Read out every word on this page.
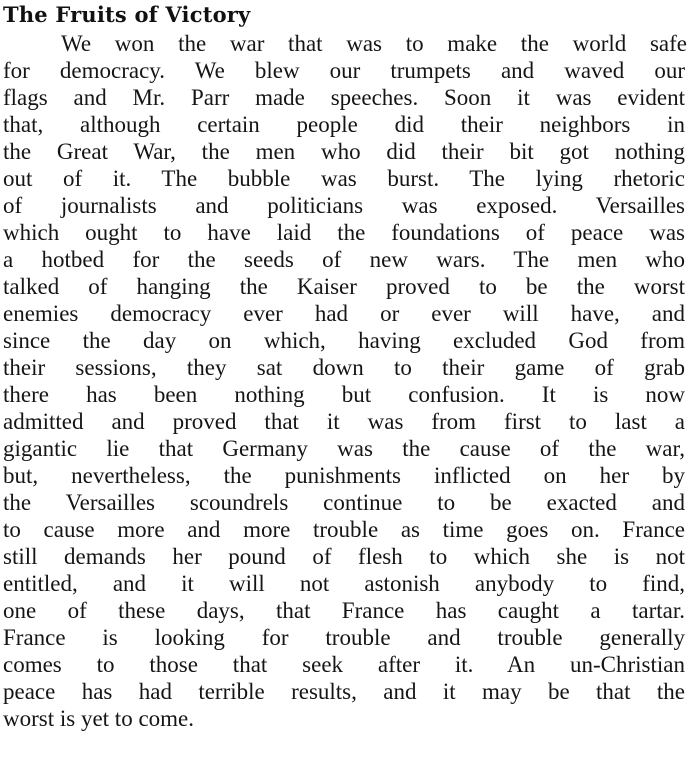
The Fruits of Victory
We won the war that was to make the world safe
for democracy. We blew our trumpets and waved our
flags and Mr. Parr made speeches. Soon it was evident
that, although certain people did their neighbors in
the Great War, the men who did their bit got nothing
out of it. The bubble was burst. The lying rhetoric
of journalists and politicians was exposed. Versailles
which ought to have laid the foundations of peace was
a hotbed for the seeds of new wars. The men who
talked of hanging the Kaiser proved to be the worst
enemies democracy ever had or ever will have, and
since the day on which, having excluded God from
their sessions, they sat down to their game of grab
there has been nothing but confusion. It is now
admitted and proved that it was from first to last a
gigantic lie that Germany was the cause of the war,
but, nevertheless, the punishments inflicted on her by
the Versailles scoundrels continue to be exacted and
to cause more and more trouble as time goes on. France
still demands her pound of flesh to which she is not
entitled, and it will not astonish anybody to find,
one of these days, that France has caught a tartar.
France is looking for trouble and trouble generally
comes to those that seek after it. An un-Christian
peace has had terrible results, and it may be that the
worst is yet to come.
